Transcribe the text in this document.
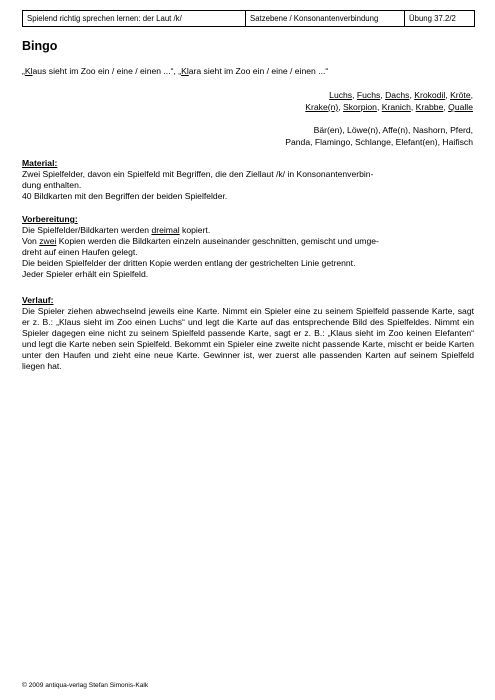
Spielend richtig sprechen lernen: der Laut /k/	Satzebene / Konsonantenverbindung	Übung 37.2/2
Bingo
„Klaus sieht im Zoo ein / eine / einen ...“, „Klara sieht im Zoo ein / eine / einen ...“
Luchs, Fuchs, Dachs, Krokodil, Kröte,
Krake(n), Skorpion, Kranich, Krabbe, Qualle
Bär(en), Löwe(n), Affe(n), Nashorn, Pferd,
Panda, Flamingo, Schlange, Elefant(en), Haifisch
Material:

Zwei Spielfelder, davon ein Spielfeld mit Begriffen, die den Ziellaut /k/ in Konsonantenverbin-

dung enthalten.

40 Bildkarten mit den Begriffen der beiden Spielfelder.

Vorbereitung:

Die Spielfelder/Bildkarten werden dreimal kopiert.

Von zwei Kopien werden die Bildkarten einzeln auseinander geschnitten, gemischt und umge-

dreht auf einen Haufen gelegt.

Die beiden Spielfelder der dritten Kopie werden entlang der gestrichelten Linie getrennt.

Jeder Spieler erhält ein Spielfeld.

Verlauf:

Die Spieler ziehen abwechselnd jeweils eine Karte. Nimmt ein Spieler eine zu seinem Spielfeld passende Karte, sagt er z. B.: „Klaus sieht im Zoo einen Luchs“ und legt die Karte auf das entsprechende Bild des Spielfeldes. Nimmt ein Spieler dagegen eine nicht zu seinem Spielfeld passende Karte, sagt er z. B.: „Klaus sieht im Zoo keinen Elefanten“ und legt die Karte neben sein Spielfeld. Bekommt ein Spieler eine zweite nicht passende Karte, mischt er beide Karten unter den Haufen und zieht eine neue Karte. Gewinner ist, wer zuerst alle passenden Karten auf seinem Spielfeld liegen hat.

© 2009 antiqua-verlag Stefan Simonis-Kalk
